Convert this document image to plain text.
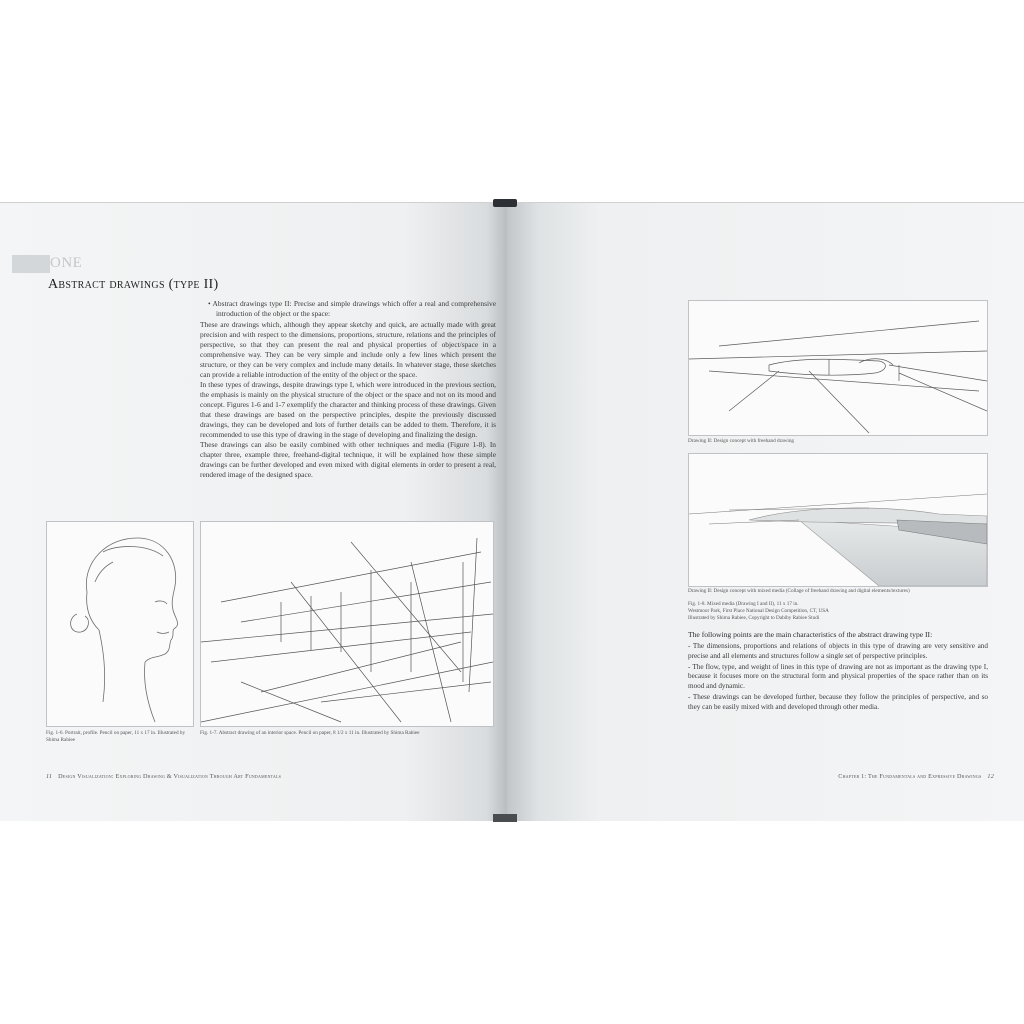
ONE
Abstract drawings (type II)

• Abstract drawings type II: Precise and simple drawings which offer a real and comprehensive introduction of the object or the space:

These are drawings which, although they appear sketchy and quick, are actually made with great precision and with respect to the dimensions, proportions, structure, relations and the principles of perspective, so that they can present the real and physical properties of object/space in a comprehensive way. They can be very simple and include only a few lines which present the structure, or they can be very complex and include many details. In whatever stage, these sketches can provide a reliable introduction of the entity of the object or the space.

In these types of drawings, despite drawings type I, which were introduced in the previous section, the emphasis is mainly on the physical structure of the object or the space and not on its mood and concept. Figures 1-6 and 1-7 exemplify the character and thinking process of these drawings. Given that these drawings are based on the perspective principles, despite the previously discussed drawings, they can be developed and lots of further details can be added to them. Therefore, it is recommended to use this type of drawing in the stage of developing and finalizing the design.

These drawings can also be easily combined with other techniques and media (Figure 1-8). In chapter three, example three, freehand-digital technique, it will be explained how these simple drawings can be further developed and even mixed with digital elements in order to present a real, rendered image of the designed space.

Fig. 1-6. Portrait, profile. Pencil on paper, 11 x 17 in. Illustrated by Shima Rabiee
Fig. 1-7. Abstract drawing of an interior space. Pencil on paper, 8 1/2 x 11 in. Illustrated by Shima Rabiee
11 Design Visualization: Exploring Drawing & Visualization Through Art Fundamentals
Drawing II: Design concept with freehand drawing
Drawing II: Design concept with mixed media (Collage of freehand drawing and digital elements/textures)
Fig. 1-8. Mixed media (Drawing I and II), 11 x 17 in.
Westmoor Park, First Place National Design Competition, CT, USA
Illustrated by Shima Rabiee, Copyright to Dabiby Rabiee Studi
Chapter 1: The Fundamentals and Expressive Drawings 12
The following points are the main characteristics of the abstract drawing type II:

- The dimensions, proportions and relations of objects in this type of drawing are very sensitive and precise and all elements and structures follow a single set of perspective principles.

- The flow, type, and weight of lines in this type of drawing are not as important as the drawing type I, because it focuses more on the structural form and physical properties of the space rather than on its mood and dynamic.

- These drawings can be developed further, because they follow the principles of perspective, and so they can be easily mixed with and developed through other media.
